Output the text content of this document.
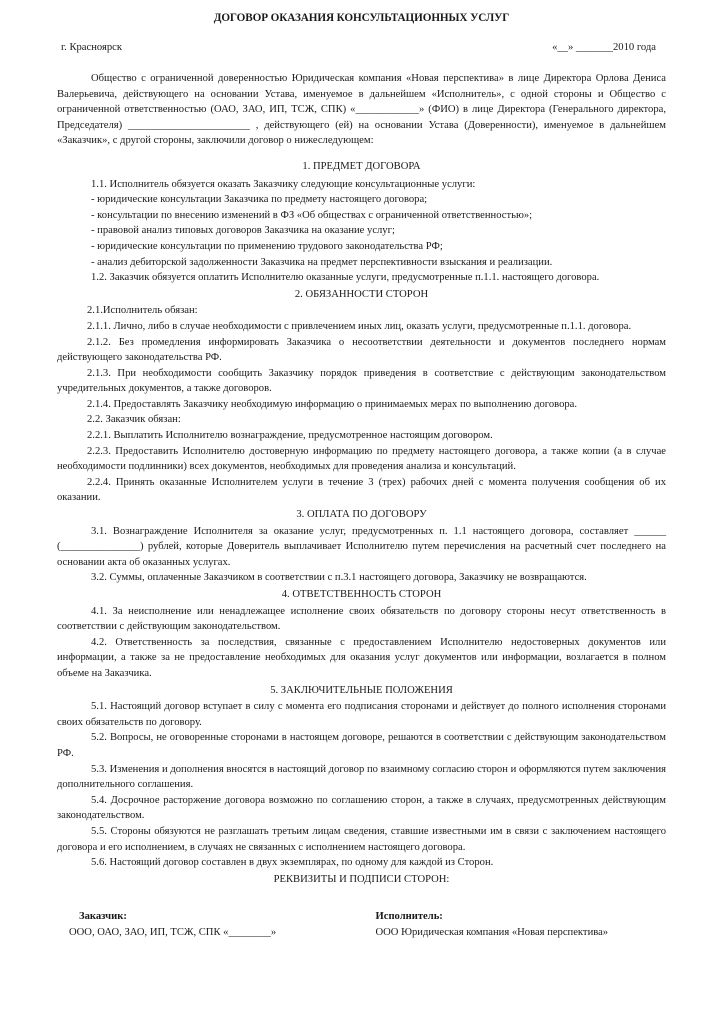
ДОГОВОР ОКАЗАНИЯ КОНСУЛЬТАЦИОННЫХ УСЛУГ
г. Красноярск	«__» _______2010 года

Общество с ограниченной доверенностью Юридическая компания «Новая перспектива» в лице Директора Орлова Дениса Валерьевича, действующего на основании Устава, именуемое в дальнейшем «Исполнитель», с одной стороны и Общество с ограниченной ответственностью (ОАО, ЗАО, ИП, ТСЖ, СПК) «____________» (ФИО) в лице Директора (Генерального директора, Председателя) _______________________ , действующего (ей) на основании Устава (Доверенности), именуемое в дальнейшем «Заказчик», с другой стороны, заключили договор о нижеследующем:

1. ПРЕДМЕТ ДОГОВОРА

1.1. Исполнитель обязуется оказать Заказчику следующие консультационные услуги:

- юридические консультации Заказчика по предмету настоящего договора;

- консультации по внесению изменений в ФЗ «Об обществах с ограниченной ответственностью»;

- правовой анализ типовых договоров Заказчика на оказание услуг;

- юридические консультации по применению трудового законодательства РФ;

- анализ дебиторской задолженности Заказчика на предмет перспективности взыскания и реализации.

1.2. Заказчик обязуется оплатить Исполнителю оказанные услуги, предусмотренные п.1.1. настоящего договора.

2. ОБЯЗАННОСТИ СТОРОН

2.1.Исполнитель обязан:

2.1.1. Лично, либо в случае необходимости с привлечением иных лиц, оказать услуги, предусмотренные п.1.1. договора.

2.1.2. Без промедления информировать Заказчика о несоответствии деятельности и документов последнего нормам действующего законодательства РФ.

2.1.3. При необходимости сообщить Заказчику порядок приведения в соответствие с действующим законодательством учредительных документов, а также договоров.

2.1.4. Предоставлять Заказчику необходимую информацию о принимаемых мерах по выполнению договора.

2.2. Заказчик обязан:

2.2.1. Выплатить Исполнителю вознаграждение, предусмотренное настоящим договором.

2.2.3. Предоставить Исполнителю достоверную информацию по предмету настоящего договора, а также копии (а в случае необходимости подлинники) всех документов, необходимых для проведения анализа и консультаций.

2.2.4. Принять оказанные Исполнителем услуги в течение 3 (трех) рабочих дней с момента получения сообщения об их оказании.

3. ОПЛАТА ПО ДОГОВОРУ

3.1. Вознаграждение Исполнителя за оказание услуг, предусмотренных п. 1.1 настоящего договора, составляет ______ (_______________) рублей, которые Доверитель выплачивает Исполнителю путем перечисления на расчетный счет последнего на основании акта об оказанных услугах.

3.2. Суммы, оплаченные Заказчиком в соответствии с п.3.1 настоящего договора, Заказчику не возвращаются.

4. ОТВЕТСТВЕННОСТЬ СТОРОН

4.1. За неисполнение или ненадлежащее исполнение своих обязательств по договору стороны несут ответственность в соответствии с действующим законодательством.

4.2. Ответственность за последствия, связанные с предоставлением Исполнителю недостоверных документов или информации, а также за не предоставление необходимых для оказания услуг документов или информации, возлагается в полном объеме на Заказчика.

5. ЗАКЛЮЧИТЕЛЬНЫЕ ПОЛОЖЕНИЯ

5.1. Настоящий договор вступает в силу с момента его подписания сторонами и действует до полного исполнения сторонами своих обязательств по договору.

5.2. Вопросы, не оговоренные сторонами в настоящем договоре, решаются в соответствии с действующим законодательством РФ.

5.3. Изменения и дополнения вносятся в настоящий договор по взаимному согласию сторон и оформляются путем заключения дополнительного соглашения.

5.4. Досрочное расторжение договора возможно по соглашению сторон, а также в случаях, предусмотренных действующим законодательством.

5.5. Стороны обязуются не разглашать третьим лицам сведения, ставшие известными им в связи с заключением настоящего договора и его исполнением, в случаях не связанных с исполнением настоящего договора.

5.6. Настоящий договор составлен в двух экземплярах, по одному для каждой из Сторон.

РЕКВИЗИТЫ И ПОДПИСИ СТОРОН:
Заказчик:
ООО, ОАО, ЗАО, ИП, ТСЖ, СПК «________»
Исполнитель:
ООО Юридическая компания «Новая перспектива»
